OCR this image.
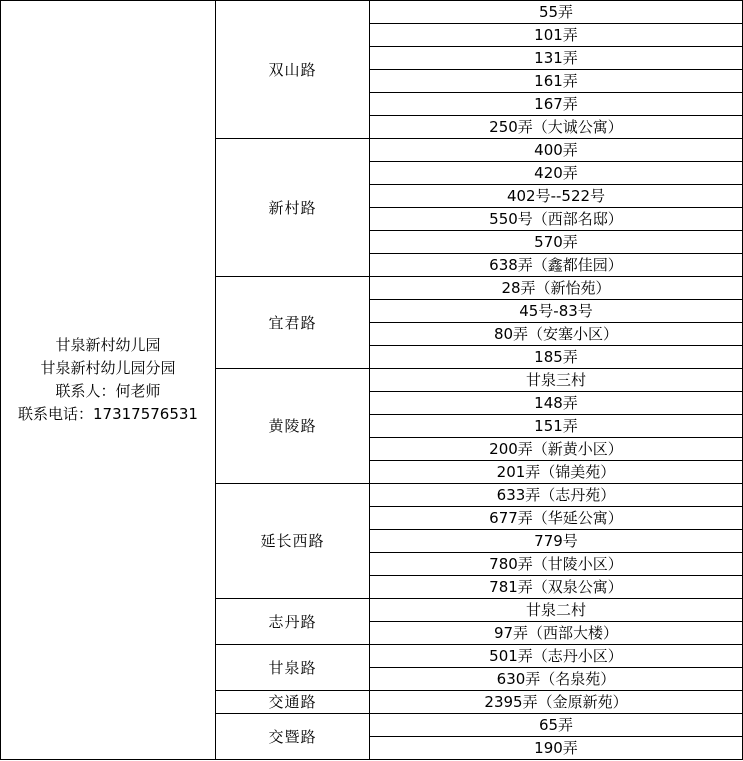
甘泉新村幼儿园
甘泉新村幼儿园分园
联系人：何老师
联系电话：17317576531	双山路	55弄
		101弄
		131弄
		161弄
		167弄
		250弄（大诚公寓）
	新村路	400弄
		420弄
		402号--522号
		550号（西部名邸）
		570弄
		638弄（鑫都佳园）
	宜君路	28弄（新怡苑）
		45号-83号
		80弄（安塞小区）
		185弄
	黄陵路	甘泉三村
		148弄
		151弄
		200弄（新黄小区）
		201弄（锦美苑）
	延长西路	633弄（志丹苑）
		677弄（华延公寓）
		779号
		780弄（甘陵小区）
		781弄（双泉公寓）
	志丹路	甘泉二村
		97弄（西部大楼）
	甘泉路	501弄（志丹小区）
		630弄（名泉苑）
	交通路	2395弄（金原新苑）
	交暨路	65弄
		190弄
